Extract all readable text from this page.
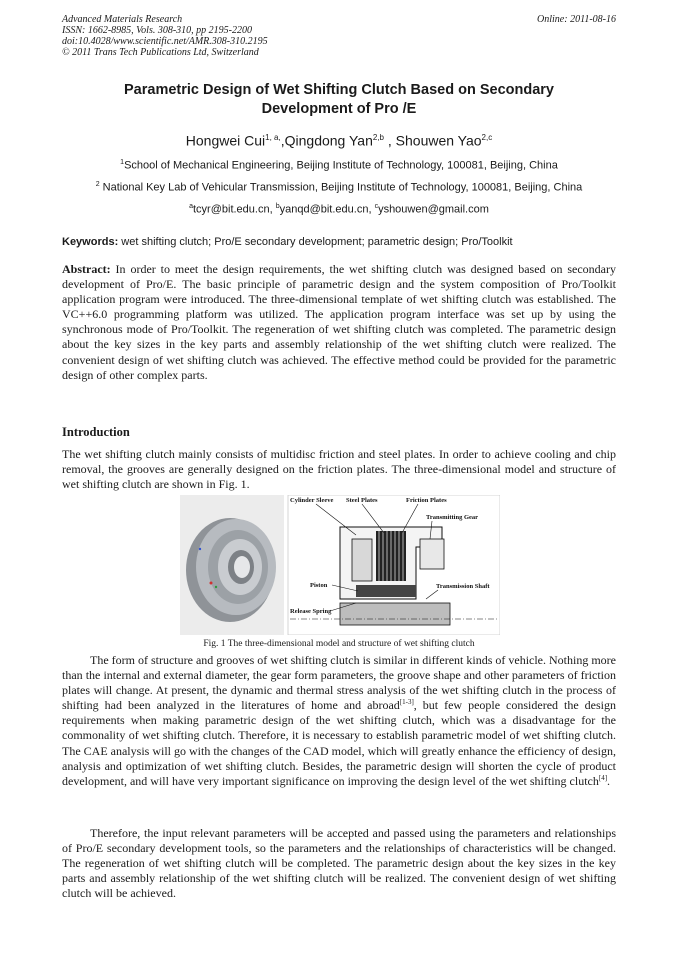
Advanced Materials Research
ISSN: 1662-8985, Vols. 308-310, pp 2195-2200
doi:10.4028/www.scientific.net/AMR.308-310.2195
© 2011 Trans Tech Publications Ltd, Switzerland
Online: 2011-08-16
Parametric Design of Wet Shifting Clutch Based on Secondary
Development of Pro /E
Hongwei Cui$^{1, a,}$,Qingdong Yan$^{2,b}$ , Shouwen Yao$^{2,c}$
$^1$School of Mechanical Engineering, Beijing Institute of Technology, 100081, Beijing, China
$^2$ National Key Lab of Vehicular Transmission, Beijing Institute of Technology, 100081, Beijing, China
$^a$tcyr@bit.edu.cn, $^b$yanqd@bit.edu.cn, $^c$yshouwen@gmail.com
Keywords: wet shifting clutch; Pro/E secondary development; parametric design; Pro/Toolkit
Abstract: In order to meet the design requirements, the wet shifting clutch was designed based on secondary development of Pro/E. The basic principle of parametric design and the system composition of Pro/Toolkit application program were introduced. The three-dimensional template of wet shifting clutch was established. The VC++6.0 programming platform was utilized. The application program interface was set up by using the synchronous mode of Pro/Toolkit. The regeneration of wet shifting clutch was completed. The parametric design about the key sizes in the key parts and assembly relationship of the wet shifting clutch were realized. The convenient design of wet shifting clutch was achieved. The effective method could be provided for the parametric design of other complex parts.
Introduction
The wet shifting clutch mainly consists of multidisc friction and steel plates. In order to achieve cooling and chip removal, the grooves are generally designed on the friction plates. The three-dimensional model and structure of wet shifting clutch are shown in Fig. 1.
Cylinder Sleeve Steel Plates	Friction Plates
Transmitting Gear
Piston	Transmission Shaft
Release Spring
Fig. 1 The three-dimensional model and structure of wet shifting clutch
The form of structure and grooves of wet shifting clutch is similar in different kinds of vehicle. Nothing more than the internal and external diameter, the gear form parameters, the groove shape and other parameters of friction plates will change. At present, the dynamic and thermal stress analysis of the wet shifting clutch in the process of shifting had been analyzed in the literatures of home and abroad[1-3], but few people considered the design requirements when making parametric design of the wet shifting clutch, which was a disadvantage for the commonality of wet shifting clutch. Therefore, it is necessary to establish parametric model of wet shifting clutch. The CAE analysis will go with the changes of the CAD model, which will greatly enhance the efficiency of design, analysis and optimization of wet shifting clutch. Besides, the parametric design will shorten the cycle of product development, and will have very important significance on improving the design level of the wet shifting clutch[4].
Therefore, the input relevant parameters will be accepted and passed using the parameters and relationships of Pro/E secondary development tools, so the parameters and the relationships of characteristics will be changed. The regeneration of wet shifting clutch will be completed. The parametric design about the key sizes in the key parts and assembly relationship of the wet shifting clutch will be realized. The convenient design of wet shifting clutch will be achieved.
